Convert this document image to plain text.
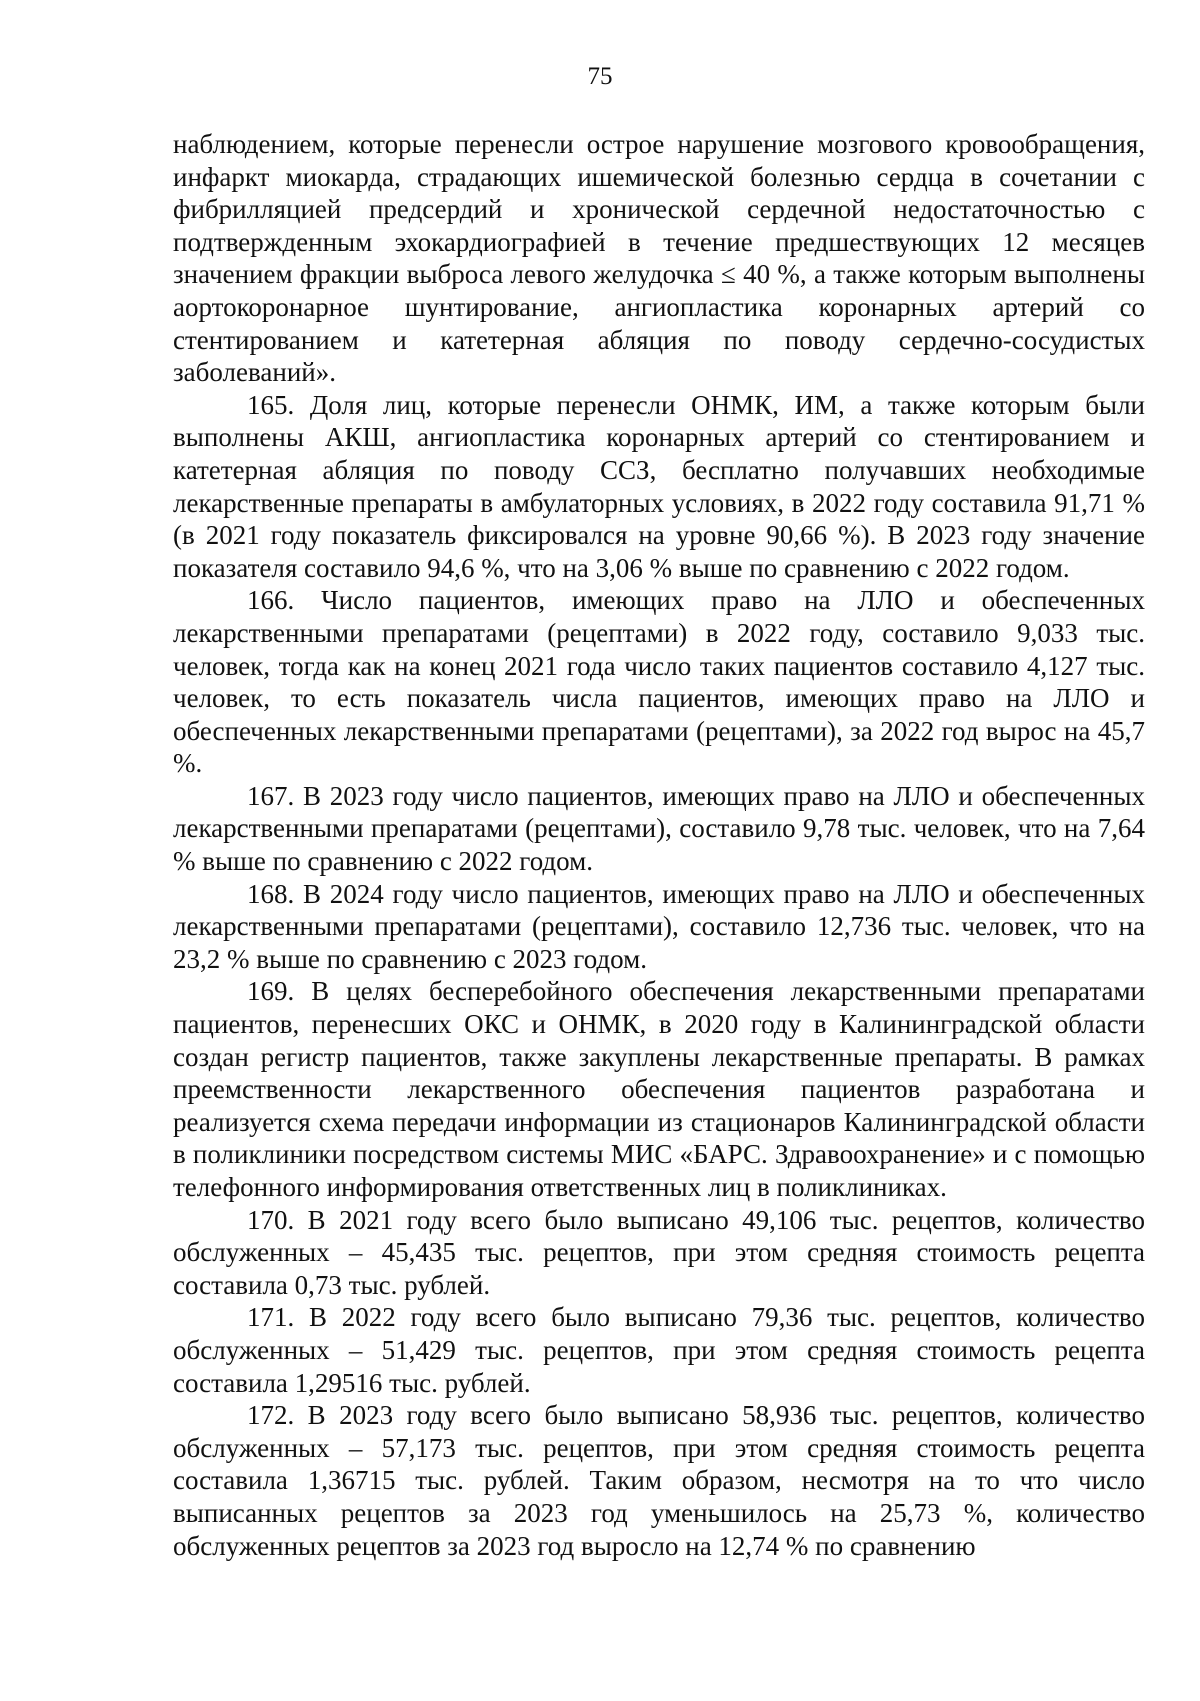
75

наблюдением, которые перенесли острое нарушение мозгового кровообращения, инфаркт миокарда, страдающих ишемической болезнью сердца в сочетании с фибрилляцией предсердий и хронической сердечной недостаточностью с подтвержденным эхокардиографией в течение предшествующих 12 месяцев значением фракции выброса левого желудочка ≤ 40 %, а также которым выполнены аортокоронарное шунтирование, ангиопластика коронарных артерий со стентированием и катетерная абляция по поводу сердечно-сосудистых заболеваний».

165. Доля лиц, которые перенесли ОНМК, ИМ, а также которым были выполнены АКШ, ангиопластика коронарных артерий со стентированием и катетерная абляция по поводу ССЗ, бесплатно получавших необходимые лекарственные препараты в амбулаторных условиях, в 2022 году составила 91,71 % (в 2021 году показатель фиксировался на уровне 90,66 %). В 2023 году значение показателя составило 94,6 %, что на 3,06 % выше по сравнению с 2022 годом.

166. Число пациентов, имеющих право на ЛЛО и обеспеченных лекарственными препаратами (рецептами) в 2022 году, составило 9,033 тыс. человек, тогда как на конец 2021 года число таких пациентов составило 4,127 тыс. человек, то есть показатель числа пациентов, имеющих право на ЛЛО и обеспеченных лекарственными препаратами (рецептами), за 2022 год вырос на 45,7 %.

167. В 2023 году число пациентов, имеющих право на ЛЛО и обеспеченных лекарственными препаратами (рецептами), составило 9,78 тыс. человек, что на 7,64 % выше по сравнению с 2022 годом.

168. В 2024 году число пациентов, имеющих право на ЛЛО и обеспеченных лекарственными препаратами (рецептами), составило 12,736 тыс. человек, что на 23,2 % выше по сравнению с 2023 годом.

169. В целях бесперебойного обеспечения лекарственными препаратами пациентов, перенесших ОКС и ОНМК, в 2020 году в Калининградской области создан регистр пациентов, также закуплены лекарственные препараты. В рамках преемственности лекарственного обеспечения пациентов разработана и реализуется схема передачи информации из стационаров Калининградской области в поликлиники посредством системы МИС «БАРС. Здравоохранение» и с помощью телефонного информирования ответственных лиц в поликлиниках.

170. В 2021 году всего было выписано 49,106 тыс. рецептов, количество обслуженных – 45,435 тыс. рецептов, при этом средняя стоимость рецепта составила 0,73 тыс. рублей.

171. В 2022 году всего было выписано 79,36 тыс. рецептов, количество обслуженных – 51,429 тыс. рецептов, при этом средняя стоимость рецепта составила 1,29516 тыс. рублей.

172. В 2023 году всего было выписано 58,936 тыс. рецептов, количество обслуженных – 57,173 тыс. рецептов, при этом средняя стоимость рецепта составила 1,36715 тыс. рублей. Таким образом, несмотря на то что число выписанных рецептов за 2023 год уменьшилось на 25,73 %, количество обслуженных рецептов за 2023 год выросло на 12,74 % по сравнению
